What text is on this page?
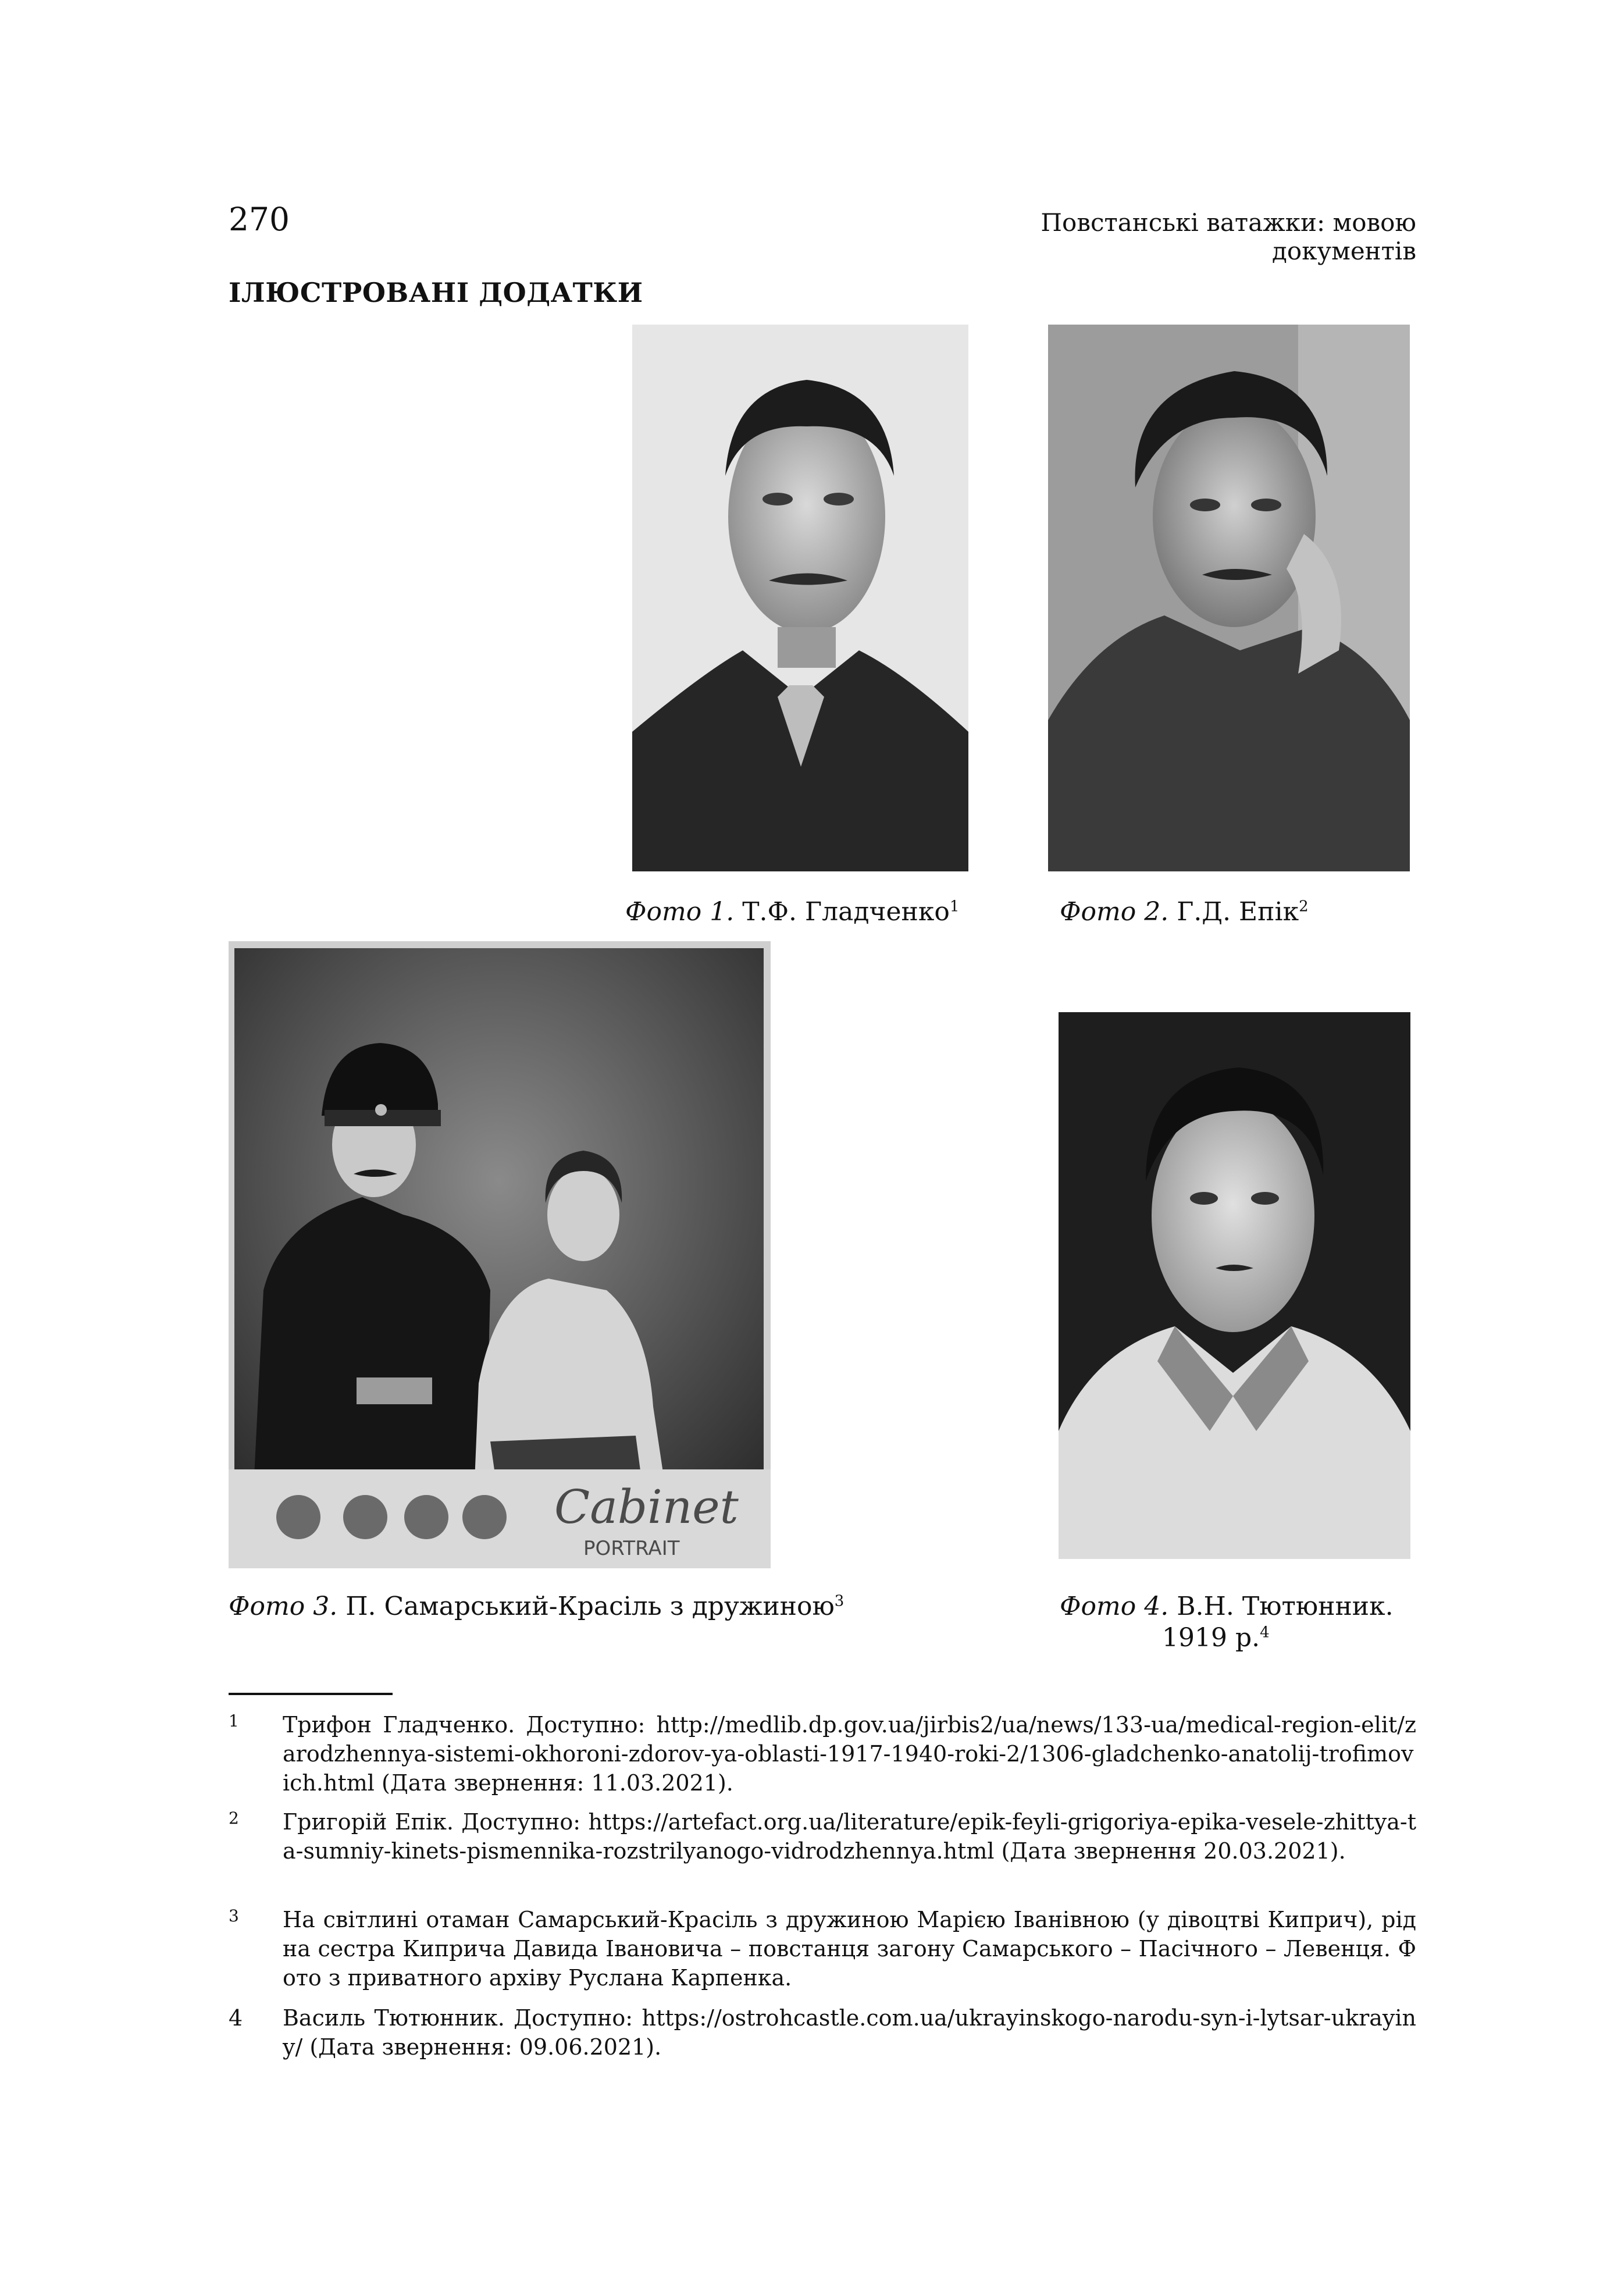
270	Повстанські ватажки: мовою документів
ІЛЮСТРОВАНІ ДОДАТКИ
Фото 1. Т.Ф. Гладченко$^1$	Фото 2. Г.Д. Епік$^2$
Cabinet
PORTRAIT
Фото 3. П. Самарський-Красіль з дружиною$^3$	Фото 4. В.Н. Тютюнник.
1919 р.$^4$
1 Трифон Гладченко. Доступно: http://medlib.dp.gov.ua/jirbis2/ua/news/133-ua/medical-region-elit/zarodzhennya-sistemi-okhoroni-zdorov-ya-oblasti-1917-1940-roki-2/1306-gladchenko-anatolij-trofimovich.html (Дата звернення: 11.03.2021).
2 Григорій Епік. Доступно: https://artefact.org.ua/literature/epik-feyli-grigoriya-epika-vesele-zhittya-ta-sumniy-kinets-pismennika-rozstrilyanogo-vidrodzhennya.html (Дата звернення 20.03.2021).
3 На світлині отаман Самарський-Красіль з дружиною Марією Іванівною (у дівоцтві Киприч), рідна сестра Киприча Давида Івановича – повстанця загону Самарського – Пасічного – Левенця. Фото з приватного архіву Руслана Карпенка.
4 Василь Тютюнник. Доступно: https://ostrohcastle.com.ua/ukrayinskogo-narodu-syn-i-lytsar-ukrayiny/ (Дата звернення: 09.06.2021).
